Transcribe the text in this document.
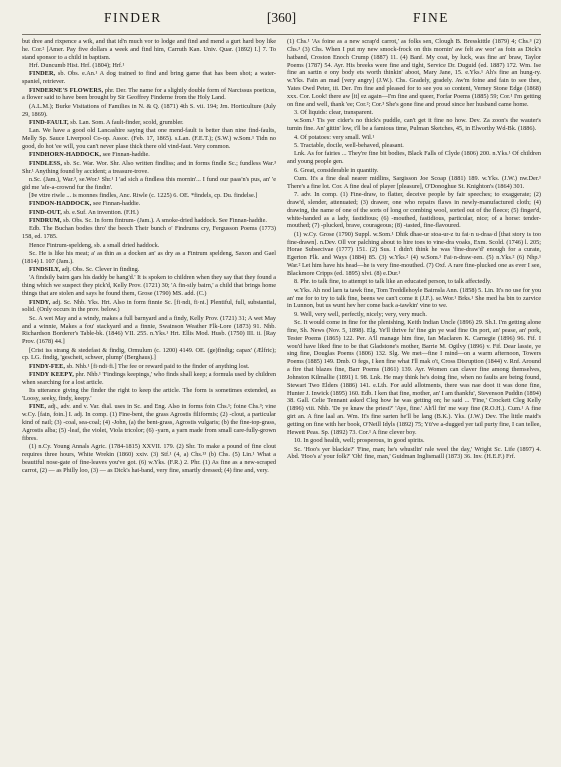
FINDER	[360]	FINE

but dree and rixpence a wik, and that id'n much vor to lodge and find and mend a gurt hard boy like he. Cor.² [Amer. Pay five dollars a week and find him, Carruth Kan. Univ. Quar. (1892) I.] 7. To stand sponsor to a child in baptism.

Hrf. Duncumb Hist. Hrf. (1804); Hrf.¹

FINDER, sb. Obs. e.An.¹ A dog trained to find and bring game that has been shot; a water-spaniel, retriever.

FINDERNE'S FLOWERS, phr. Der. The name for a slightly double form of Narcissus poeticus, a flower said to have been brought by Sir Geoffrey Finderne from the Holy Land.

(A.L.M.); Burke Visitations of Families in N. & Q. (1871) 4th S. vii. 194; Jrn. Horticulture (July 29, 1869).

FIND-FAULT, sb. Lan. Som. A fault-finder, scold, grumbler.

Lan. We have a good old Lancashire saying that one mend-fault is better than nine find-faults, Melly Sp. Sauce Liverpool Co-op. Assoc. (Feb. 17, 1865). s.Lan. (F.E.T.); (S.W.) w.Som.¹ Tidn no good, do hot 'ee will, you can't never plase thick there old vind-faut. Very common.

FINDHORN-HADDOCK, see Finnan-haddie.

FINDLESS, sb. Sc. War. Wor. Shr. Also written findliss; and in forms findle Sc.; fundless War.³ Shr.¹ Anything found by accident; a treasure-trove.

n.Sc. (Jam.), War.³, se.Wor.¹ Shr.¹ I 'ad sich a findless this mornin'... I fund our paas'n's pus, an' 'e gid me 'afe-a-crownd fur the findin'.

[Þe vttre riwle ... is monnes findles, Anc. Riwle (c. 1225) 6. OE. *findels, cp. Du. findelse.]

FINDON-HADDOCK, see Finnan-haddie.

FIND-OUT, sb. e.Suf. An invention. (F.H.)

FINDRUM, sb. Obs. Sc. In form fintrum- (Jam.). A smoke-dried haddock. See Finnan-haddie.

Edb. The Buchan bodies thro' the beech Their bunch o' Findrums cry, Fergusson Poems (1773) 158, ed. 1785.

Hence Fintrum-speldeng, sb. a small dried haddock.

Sc. He is like his meat; a' as thin as a docken an' as dry as a Fintrum speldeng, Saxon and Gael (1814) I. 107 (Jam.).

FINDSILY, adj. Obs. Sc. Clever in finding.

'A findsily bairn gars his daddy be hang'd.' It is spoken to children when they say that they found a thing which we suspect they pick'd, Kelly Prov. (1721) 30; 'A fin-sily bairn,' a child that brings home things that are stolen and says he found them, Grose (1790) MS. add. (C.)

FINDY, adj. Sc. Nhb. Yks. Hrt. Also in form finnie Sc. [fi·ndi, fi·ni.] Plentiful, full, substantial, solid. (Only occurs in the prov. below.)

Sc. A wet May and a windy, makes a full barnyard and a findy, Kelly Prov. (1721) 31; A wet May and a winnie, Makes a fou' stackyard and a finnie, Swainson Weather Flk-Lore (1873) 91. Nhb. Richardson Borderer's Table-bk. (1846) VII. 255. n.Yks.¹ Hrt. Ellis Mod. Husb. (1750) III. ii. [Ray Prov. (1678) 44.]

[Crist iss strang & stedefast & findig, Ormulum (c. 1200) 4149. OE. (ge)findig; capax' (Ælfric); cp. LG. findig, 'gescheit, schwer, plump' (Berghaus).]

FINDY-FEE, sb. Nhb.¹ [fi·ndi·fi.] The fee or reward paid to the finder of anything lost.

FINDY KEEPY, phr. Nhb.¹ 'Findings keepings,' who finds shall keep; a formula used by children when searching for a lost article.

Its utterance giving the finder the right to keep the article. The form is sometimes extended, as 'Loosy, seeky, findy, keepy.'

FINE, adj., adv. and v. Var. dial. uses in Sc. and Eng. Also in forms foin Chs.¹; foine Chs.³; vine w.Cy. [fain, foin.] I. adj. In comp. (1) Fine-bent, the grass Agrostis filiformis; (2) -clout, a particular kind of nail; (3) -coal, sea-coal; (4) -John, (a) the bent-grass, Agrostis vulgaris; (b) the fine-top-grass, Agrostis alba; (5) -leaf, the violet, Viola tricolor; (6) -yarn, a yarn made from small care-fully-grown fibres.

(1) n.Cy. Young Annals Agric. (1784-1815) XXVII. 179. (2) Shr. To make a pound of fine clout requires three hours, White Wrekin (1860) xxiv. (3) Stf.¹ (4, a) Chs.¹³ (b) Chs. (5) Lin.¹ What a beautiful nose-gate of fine-leaves you've got. (6) w.Yks. (F.R.) 2. Phr. (1) As fine as a new-scraped carrot, (2) — as Philly loo, (3) — as Dick's hat-band, very fine, smartly dressed; (4) fine and, very.

(1) Chs.¹ 'As foine as a new scrap'd carrot,' as folks sen, Clough B. Bresskittle (1879) 4; Chs.³ (2) Chs.³ (3) Chs. When I put my new smock-frock on this mornin' aw felt aw wor' as foin as Dick's hatband, Croston Enoch Crump (1887) 11. (4) Banf. My coat, by luck, was fine an' braw, Taylor Poems (1787) 54. Ayr. His breeks were fine and tight, Service Dr. Duguid (ed. 1887) 172. Wm. Ise fine an sartin e ony body ets worth thinkin' aboot, Mary Jane, 15. e.Yks.¹ Ah's fine an hung-ry. w.Yks. Fain an mad [very angry] (J.W.). Chs. Gradely, gradely. Aw'm foine and fain to see thee, Yates Owd Peter, iii. Der. I'm fine and pleased for to see you so content, Verney Stone Edge (1868) xxx. Cor. Look! there aw [it] ez again—I'm fine and queer, Forfar Poems (1885) 59; Cor.¹ I'm getting on fine and well, thank 'ee; Cor.²; Cor.³ She's gone fine and proud since her husband came home.

3. Of liquids: clear, transparent.

w.Som.¹ Tis yer cider's no thick's puddle, can't get it fine no how. Dev. Za zoon's the wauter's turnin fine. An' gittin' low, t'll be a famious time, Pulman Sketches, 45, in Elworthy Wd-Bk. (1886).

4. Of potatoes: very small. Wil.¹

5. Tractable, docile, well-behaved, pleasant.

Lnk. As for fairies ... They're fine bit bodies, Black Falls of Clyde (1806) 200. n.Yks.¹ Of children and young people gen.

6. Great, considerable in quantity.

Cum. It's a fine deal nearer midlins, Sargisson Joe Scoap (1881) 189. w.Yks. (J.W.) nw.Der.¹ There's a fine lot. Cor. A fine deal of player [pleasure], O'Donoghue St. Knighton's (1864) 301.

7. adv. In comp. (1) Fine-draw, to flatter, deceive people by fair speeches; to exaggerate; (2) draw'd, slender, attenuated; (3) drawer, one who repairs flaws in newly-manufactured cloth; (4) drawing, the name of one of the sorts of long or combing wool, sorted out of the fleece; (5) finger'd, white-handed as a lady, fastidious; (6) -mouthed, fastidious, particular, nice; of a horse: tender-mouthed; (7) -plucked, brave, courageous; (8) -tasted, fine-flavoured.

(1) w.Cy. Grose (1790) Suppl. w.Som.¹ Dhik dhae-ur stoa-ur-z tu fai·n u-draa·d [that story is too fine-drawn]. n.Dev. Oll vor palching about to hire toes to vine-dra voaks, Exm. Scold. (1746) l. 205; Horae Subsecivae (1777) 151. (2) Sus. I didn't think he was 'fine-draw'd' enough for a curate, Egerton Flk. and Ways (1884) 85. (3) w.Yks.² (4) w.Som.¹ Fai·n-draw·een. (5) n.Yks.² (6) Nhp.¹ War.² Let him have his head—he is very fine-mouthed. (7) Oxf. A rare fine-plucked one as ever I see, Blackmore Cripps (ed. 1895) xlvi. (8) e.Dur.¹

8. Phr. to talk fine, to attempt to talk like an educated person, to talk affectedly.

w.Yks. Ah nod larn ta tawk fine, Tom Treddlehoyle Bairnsla Ann. (1858) 5. Lin. It's no use for you an' me for to try to talk fine, beens we can't come it (J.F.). se.Wor.¹ Brks.¹ She med ha bin to zarvice in Lunnon, but us wunt hev her come back a-tawkin' vine to we.

9. Well, very well, perfectly, nicely; very, very much.

Sc. It would come in fine for the plenishing, Keith Indian Uncle (1896) 29. Sh.I. I'm getting alone fine, Sh. News (Nov. 5, 1898). Elg. Ye'll thrive fu' fine gin ye wad fine On port, an' pease, an' pork, Tester Poems (1865) 122. Per. A'll manage him fine, Ian Maclaren K. Carnegie (1896) 96. Fif. I wou'd have liked fine to be that Gladstone's mother, Barrie M. Ogilvy (1896) v. Fif. Dear lassie, ye sing fine, Douglas Poems (1806) 132. Slg. We met—fine I mind—on a warm afternoon, Towers Poems (1885) 149. Dmb. O fegs, I ken fine what I'll mak o't, Cross Disruption (1844) v. Rnf. Around a fire that blazes fine, Barr Poems (1861) 139. Ayr. Women can claver fine among themselves, Johnston Kilmallie (1891) I. 98. Lnk. He may think he's doing fine, when no faults are being found, Stewart Two Elders (1886) 141. e.Lth. For auld allotments, there was nae doot it was done fine, Hunter J. Inwick (1895) 160. Edb. I ken that fine, mother, an' I am thankfu', Stevenson Puddin (1894) 38. Gall. Celie Tennant asked Cleg how he was getting on; he said ... 'Fine,' Crockett Cleg Kelly (1896) viii. Nhb. 'De ye knaw the priest?' 'Aye, fine.' Ah'll fin' me way fine (R.O.H.). Cum.¹ A fine girt an. A fine laal an. Wm. It's fine sarten he'll be lang (B.K.). Yks. (J.W.) Dev. The little maid's getting on fine with her book, O'Neill Idyls (1892) 75; Yü've a-dugged yer tail purty fine, I can tellee, Hewett Peas. Sp. (1892) 73. Cor.¹ A fine clever boy.

10. In good health, well; prosperous, in good spirits.

Sc. 'Hoo's yer blackie?' 'Fine, man; he's whustlin' rale weel the day,' Wright Sc. Life (1897) 4. Abd. 'Hoo's a' your folk?' 'Oh! fine, man,' Guidman Inglismaill (1873) 36. Inv. (H.E.F.) Frf.
